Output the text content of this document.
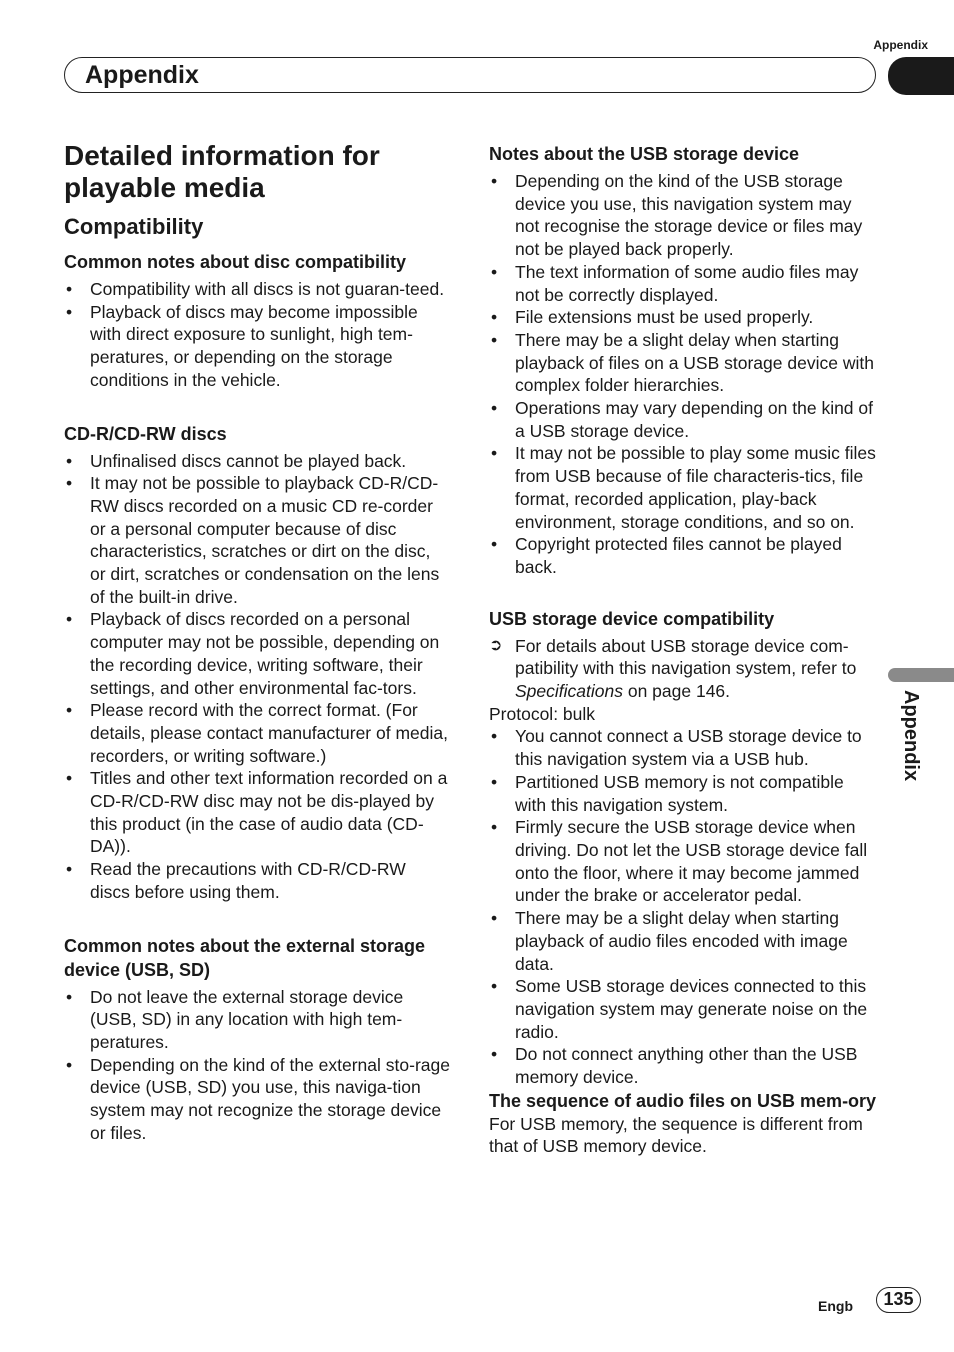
Appendix
Appendix
Appendix
Detailed information for playable media
Compatibility
Common notes about disc compatibility
• Compatibility with all discs is not guaran-teed.
• Playback of discs may become impossible with direct exposure to sunlight, high tem-peratures, or depending on the storage conditions in the vehicle.
CD-R/CD-RW discs
• Unfinalised discs cannot be played back.
• It may not be possible to playback CD-R/CD-RW discs recorded on a music CD re-corder or a personal computer because of disc characteristics, scratches or dirt on the disc, or dirt, scratches or condensation on the lens of the built-in drive.
• Playback of discs recorded on a personal computer may not be possible, depending on the recording device, writing software, their settings, and other environmental fac-tors.
• Please record with the correct format. (For details, please contact manufacturer of media, recorders, or writing software.)
• Titles and other text information recorded on a CD-R/CD-RW disc may not be dis-played by this product (in the case of audio data (CD-DA)).
• Read the precautions with CD-R/CD-RW discs before using them.
Common notes about the external storage device (USB, SD)
• Do not leave the external storage device (USB, SD) in any location with high tem-peratures.
• Depending on the kind of the external sto-rage device (USB, SD) you use, this naviga-tion system may not recognize the storage device or files.
Notes about the USB storage device
• Depending on the kind of the USB storage device you use, this navigation system may not recognise the storage device or files may not be played back properly.
• The text information of some audio files may not be correctly displayed.
• File extensions must be used properly.
• There may be a slight delay when starting playback of files on a USB storage device with complex folder hierarchies.
• Operations may vary depending on the kind of a USB storage device.
• It may not be possible to play some music files from USB because of file characteris-tics, file format, recorded application, play-back environment, storage conditions, and so on.
• Copyright protected files cannot be played back.
USB storage device compatibility
➲ For details about USB storage device com-patibility with this navigation system, refer to Specifications on page 146.
Protocol: bulk
• You cannot connect a USB storage device to this navigation system via a USB hub.
• Partitioned USB memory is not compatible with this navigation system.
• Firmly secure the USB storage device when driving. Do not let the USB storage device fall onto the floor, where it may become jammed under the brake or accelerator pedal.
• There may be a slight delay when starting playback of audio files encoded with image data.
• Some USB storage devices connected to this navigation system may generate noise on the radio.
• Do not connect anything other than the USB memory device.
The sequence of audio files on USB mem-ory
For USB memory, the sequence is different from that of USB memory device.
Engb	135
